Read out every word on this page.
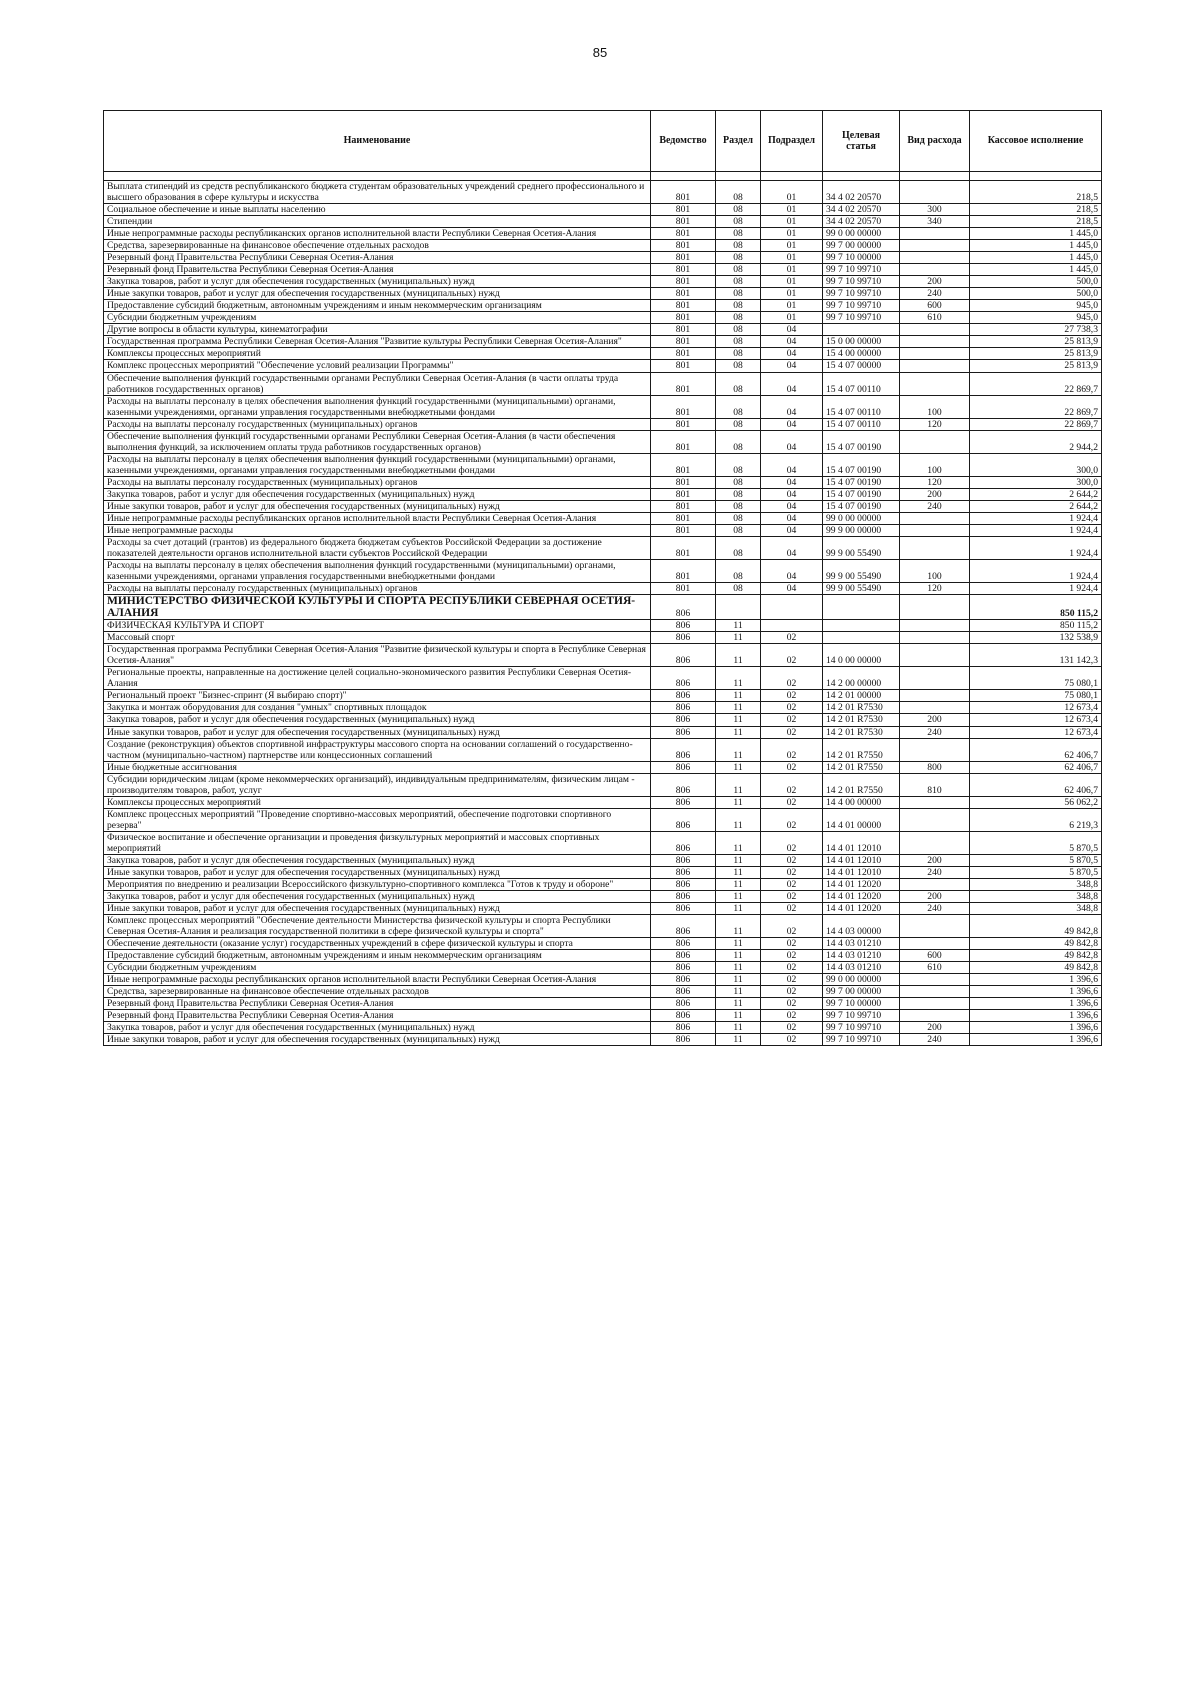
85
Наименование	Ведомство	Раздел	Подраздел	Целевая статья	Вид расхода	Кассовое исполнение

Выплата стипендий из средств республиканского бюджета студентам образовательных учреждений среднего профессионального и высшего образования в сфере культуры и искусства	801	08	01	34 4 02 20570		218,5
Социальное обеспечение и иные выплаты населению	801	08	01	34 4 02 20570	300	218,5
Стипендии	801	08	01	34 4 02 20570	340	218,5
Иные непрограммные расходы республиканских органов исполнительной власти Республики Северная Осетия-Алания	801	08	01	99 0 00 00000		1 445,0
Средства, зарезервированные на финансовое обеспечение отдельных расходов	801	08	01	99 7 00 00000		1 445,0
Резервный фонд Правительства Республики Северная Осетия-Алания	801	08	01	99 7 10 00000		1 445,0
Резервный фонд Правительства Республики Северная Осетия-Алания	801	08	01	99 7 10 99710		1 445,0
Закупка товаров, работ и услуг для обеспечения государственных (муниципальных) нужд	801	08	01	99 7 10 99710	200	500,0
Иные закупки товаров, работ и услуг для обеспечения государственных (муниципальных) нужд	801	08	01	99 7 10 99710	240	500,0
Предоставление субсидий бюджетным, автономным учреждениям и иным некоммерческим организациям	801	08	01	99 7 10 99710	600	945,0
Субсидии бюджетным учреждениям	801	08	01	99 7 10 99710	610	945,0
Другие вопросы в области культуры, кинематографии	801	08	04			27 738,3
Государственная программа Республики Северная Осетия-Алания "Развитие культуры Республики Северная Осетия-Алания"	801	08	04	15 0 00 00000		25 813,9
Комплексы процессных мероприятий	801	08	04	15 4 00 00000		25 813,9
Комплекс процессных мероприятий "Обеспечение условий реализации Программы"	801	08	04	15 4 07 00000		25 813,9
Обеспечение выполнения функций государственными органами Республики Северная Осетия-Алания (в части оплаты труда работников государственных органов)	801	08	04	15 4 07 00110		22 869,7
Расходы на выплаты персоналу в целях обеспечения выполнения функций государственными (муниципальными) органами, казенными учреждениями, органами управления государственными внебюджетными фондами	801	08	04	15 4 07 00110	100	22 869,7
Расходы на выплаты персоналу государственных (муниципальных) органов	801	08	04	15 4 07 00110	120	22 869,7
Обеспечение выполнения функций государственными органами Республики Северная Осетия-Алания (в части обеспечения выполнения функций, за исключением оплаты труда работников государственных органов)	801	08	04	15 4 07 00190		2 944,2
Расходы на выплаты персоналу в целях обеспечения выполнения функций государственными (муниципальными) органами, казенными учреждениями, органами управления государственными внебюджетными фондами	801	08	04	15 4 07 00190	100	300,0
Расходы на выплаты персоналу государственных (муниципальных) органов	801	08	04	15 4 07 00190	120	300,0
Закупка товаров, работ и услуг для обеспечения государственных (муниципальных) нужд	801	08	04	15 4 07 00190	200	2 644,2
Иные закупки товаров, работ и услуг для обеспечения государственных (муниципальных) нужд	801	08	04	15 4 07 00190	240	2 644,2
Иные непрограммные расходы республиканских органов исполнительной власти Республики Северная Осетия-Алания	801	08	04	99 0 00 00000		1 924,4
Иные непрограммные расходы	801	08	04	99 9 00 00000		1 924,4
Расходы за счет дотаций (грантов) из федерального бюджета бюджетам субъектов Российской Федерации за достижение показателей деятельности органов исполнительной власти субъектов Российской Федерации	801	08	04	99 9 00 55490		1 924,4
Расходы на выплаты персоналу в целях обеспечения выполнения функций государственными (муниципальными) органами, казенными учреждениями, органами управления государственными внебюджетными фондами	801	08	04	99 9 00 55490	100	1 924,4
Расходы на выплаты персоналу государственных (муниципальных) органов	801	08	04	99 9 00 55490	120	1 924,4
МИНИСТЕРСТВО ФИЗИЧЕСКОЙ КУЛЬТУРЫ И СПОРТА РЕСПУБЛИКИ СЕВЕРНАЯ ОСЕТИЯ-АЛАНИЯ	806					850 115,2
ФИЗИЧЕСКАЯ КУЛЬТУРА И СПОРТ	806	11				850 115,2
Массовый спорт	806	11	02			132 538,9
Государственная программа Республики Северная Осетия-Алания "Развитие физической культуры и спорта в Республике Северная Осетия-Алания"	806	11	02	14 0 00 00000		131 142,3
Региональные проекты, направленные на достижение целей социально-экономического развития Республики Северная Осетия-Алания	806	11	02	14 2 00 00000		75 080,1
Региональный проект "Бизнес-спринт (Я выбираю спорт)"	806	11	02	14 2 01 00000		75 080,1
Закупка и монтаж оборудования для создания "умных" спортивных площадок	806	11	02	14 2 01 R7530		12 673,4
Закупка товаров, работ и услуг для обеспечения государственных (муниципальных) нужд	806	11	02	14 2 01 R7530	200	12 673,4
Иные закупки товаров, работ и услуг для обеспечения государственных (муниципальных) нужд	806	11	02	14 2 01 R7530	240	12 673,4
Создание (реконструкция) объектов спортивной инфраструктуры массового спорта на основании соглашений о государственно-частном (муниципально-частном) партнерстве или концессионных соглашений	806	11	02	14 2 01 R7550		62 406,7
Иные бюджетные ассигнования	806	11	02	14 2 01 R7550	800	62 406,7
Субсидии юридическим лицам (кроме некоммерческих организаций), индивидуальным предпринимателям, физическим лицам - производителям товаров, работ, услуг	806	11	02	14 2 01 R7550	810	62 406,7
Комплексы процессных мероприятий	806	11	02	14 4 00 00000		56 062,2
Комплекс процессных мероприятий "Проведение спортивно-массовых мероприятий, обеспечение подготовки спортивного резерва"	806	11	02	14 4 01 00000		6 219,3
Физическое воспитание и обеспечение организации и проведения физкультурных мероприятий и массовых спортивных мероприятий	806	11	02	14 4 01 12010		5 870,5
Закупка товаров, работ и услуг для обеспечения государственных (муниципальных) нужд	806	11	02	14 4 01 12010	200	5 870,5
Иные закупки товаров, работ и услуг для обеспечения государственных (муниципальных) нужд	806	11	02	14 4 01 12010	240	5 870,5
Мероприятия по внедрению и реализации Всероссийского физкультурно-спортивного комплекса "Готов к труду и обороне"	806	11	02	14 4 01 12020		348,8
Закупка товаров, работ и услуг для обеспечения государственных (муниципальных) нужд	806	11	02	14 4 01 12020	200	348,8
Иные закупки товаров, работ и услуг для обеспечения государственных (муниципальных) нужд	806	11	02	14 4 01 12020	240	348,8
Комплекс процессных мероприятий "Обеспечение деятельности Министерства физической культуры и спорта Республики Северная Осетия-Алания и реализация государственной политики в сфере физической культуры и спорта"	806	11	02	14 4 03 00000		49 842,8
Обеспечение деятельности (оказание услуг) государственных учреждений в сфере физической культуры и спорта	806	11	02	14 4 03 01210		49 842,8
Предоставление субсидий бюджетным, автономным учреждениям и иным некоммерческим организациям	806	11	02	14 4 03 01210	600	49 842,8
Субсидии бюджетным учреждениям	806	11	02	14 4 03 01210	610	49 842,8
Иные непрограммные расходы республиканских органов исполнительной власти Республики Северная Осетия-Алания	806	11	02	99 0 00 00000		1 396,6
Средства, зарезервированные на финансовое обеспечение отдельных расходов	806	11	02	99 7 00 00000		1 396,6
Резервный фонд Правительства Республики Северная Осетия-Алания	806	11	02	99 7 10 00000		1 396,6
Резервный фонд Правительства Республики Северная Осетия-Алания	806	11	02	99 7 10 99710		1 396,6
Закупка товаров, работ и услуг для обеспечения государственных (муниципальных) нужд	806	11	02	99 7 10 99710	200	1 396,6
Иные закупки товаров, работ и услуг для обеспечения государственных (муниципальных) нужд	806	11	02	99 7 10 99710	240	1 396,6
